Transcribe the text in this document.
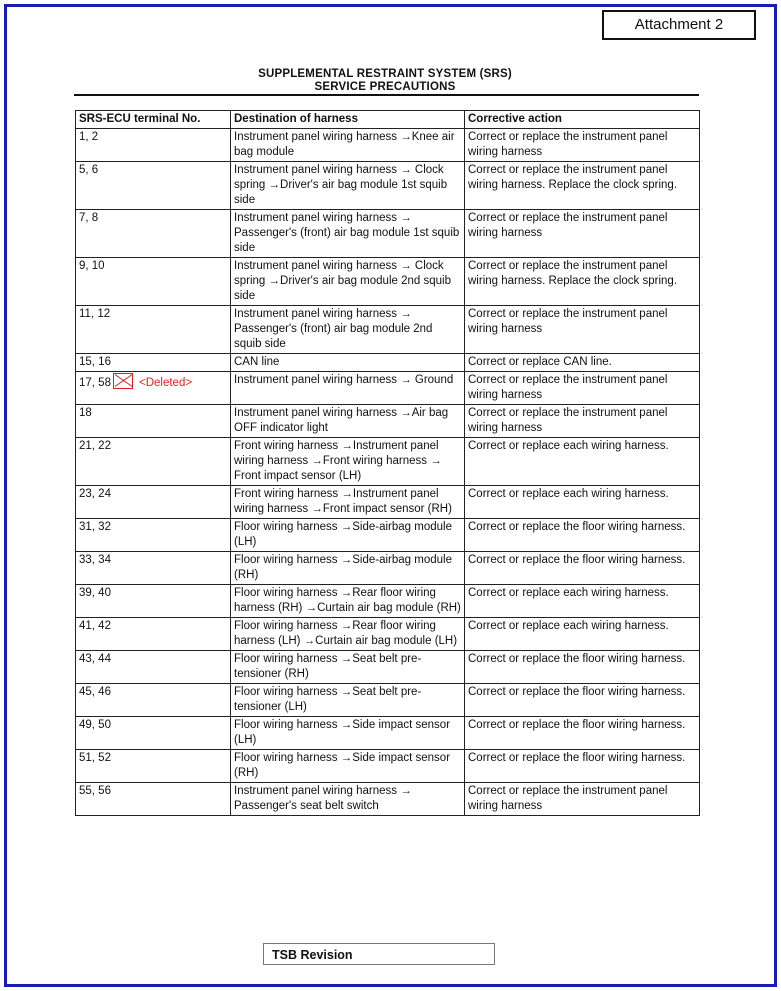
Attachment 2
SUPPLEMENTAL RESTRAINT SYSTEM (SRS)
SERVICE PRECAUTIONS
SRS-ECU terminal No.	Destination of harness	Corrective action
1, 2	Instrument panel wiring harness →Knee air bag module	Correct or replace the instrument panel wiring harness
5, 6	Instrument panel wiring harness → Clock spring →Driver's air bag module 1st squib side	Correct or replace the instrument panel wiring harness. Replace the clock spring.
7, 8	Instrument panel wiring harness → Passenger's (front) air bag module 1st squib side	Correct or replace the instrument panel wiring harness
9, 10	Instrument panel wiring harness → Clock spring →Driver's air bag module 2nd squib side	Correct or replace the instrument panel wiring harness. Replace the clock spring.
11, 12	Instrument panel wiring harness → Passenger's (front) air bag module 2nd squib side	Correct or replace the instrument panel wiring harness
15, 16	CAN line	Correct or replace CAN line.
17, 58 <Deleted>	Instrument panel wiring harness → Ground	Correct or replace the instrument panel wiring harness
18	Instrument panel wiring harness →Air bag OFF indicator light	Correct or replace the instrument panel wiring harness
21, 22	Front wiring harness →Instrument panel wiring harness →Front wiring harness → Front impact sensor (LH)	Correct or replace each wiring harness.
23, 24	Front wiring harness →Instrument panel wiring harness →Front impact sensor (RH)	Correct or replace each wiring harness.
31, 32	Floor wiring harness →Side-airbag module (LH)	Correct or replace the floor wiring harness.
33, 34	Floor wiring harness →Side-airbag module (RH)	Correct or replace the floor wiring harness.
39, 40	Floor wiring harness →Rear floor wiring harness (RH) →Curtain air bag module (RH)	Correct or replace each wiring harness.
41, 42	Floor wiring harness →Rear floor wiring harness (LH) →Curtain air bag module (LH)	Correct or replace each wiring harness.
43, 44	Floor wiring harness →Seat belt pre-tensioner (RH)	Correct or replace the floor wiring harness.
45, 46	Floor wiring harness →Seat belt pre-tensioner (LH)	Correct or replace the floor wiring harness.
49, 50	Floor wiring harness →Side impact sensor (LH)	Correct or replace the floor wiring harness.
51, 52	Floor wiring harness →Side impact sensor (RH)	Correct or replace the floor wiring harness.
55, 56	Instrument panel wiring harness → Passenger's seat belt switch	Correct or replace the instrument panel wiring harness
TSB Revision
